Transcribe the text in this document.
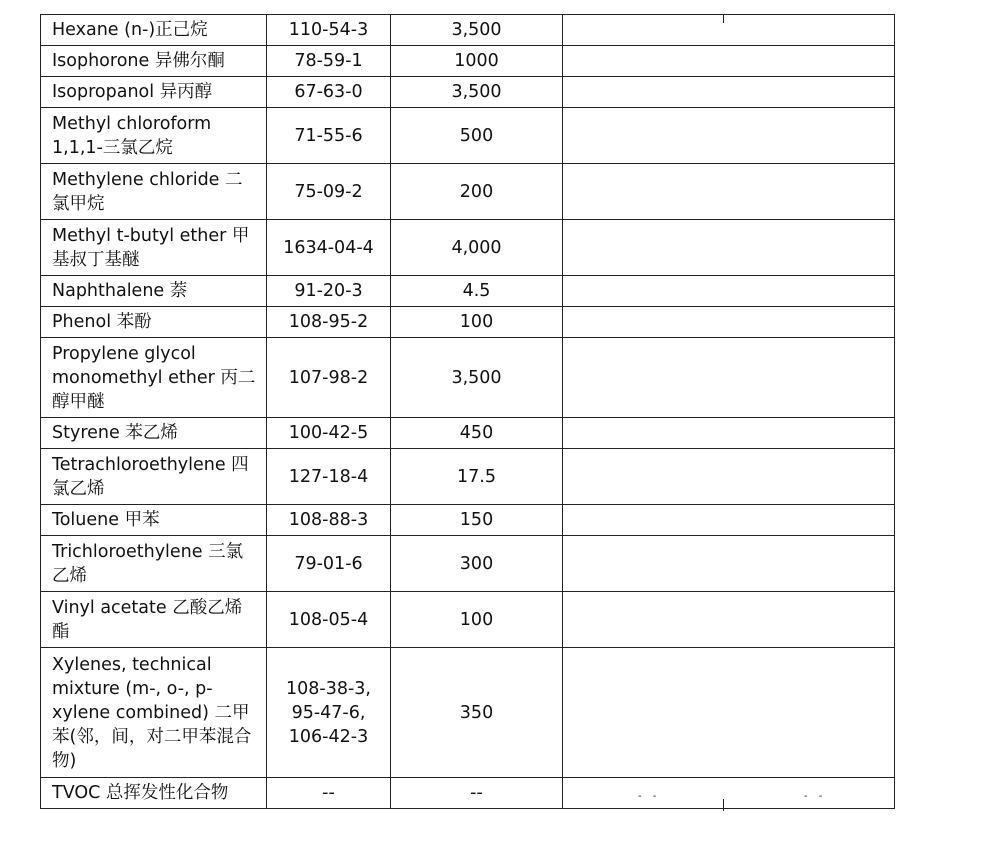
Hexane (n-)正己烷	110-54-3	3,500			
Isophorone 异佛尔酮	78-59-1	1000			
Isopropanol 异丙醇	67-63-0	3,500			
Methyl chloroform 1,1,1-三氯乙烷	71-55-6	500			
Methylene chloride 二氯甲烷	75-09-2	200			
Methyl t-butyl ether 甲基叔丁基醚	1634-04-4	4,000			
Naphthalene 萘	91-20-3	4.5			
Phenol 苯酚	108-95-2	100			
Propylene glycol monomethyl ether 丙二醇甲醚	107-98-2	3,500			
Styrene 苯乙烯	100-42-5	450			
Tetrachloroethylene 四氯乙烯	127-18-4	17.5			
Toluene 甲苯	108-88-3	150			
Trichloroethylene 三氯乙烯	79-01-6	300			
Vinyl acetate 乙酸乙烯酯	108-05-4	100			
Xylenes, technical mixture (m-, o-, p-xylene combined) 二甲苯(邻，间，对二甲苯混合物)	108-38-3,
95-47-6,
106-42-3	350			
TVOC 总挥发性化合物	--	--				- -	- -
